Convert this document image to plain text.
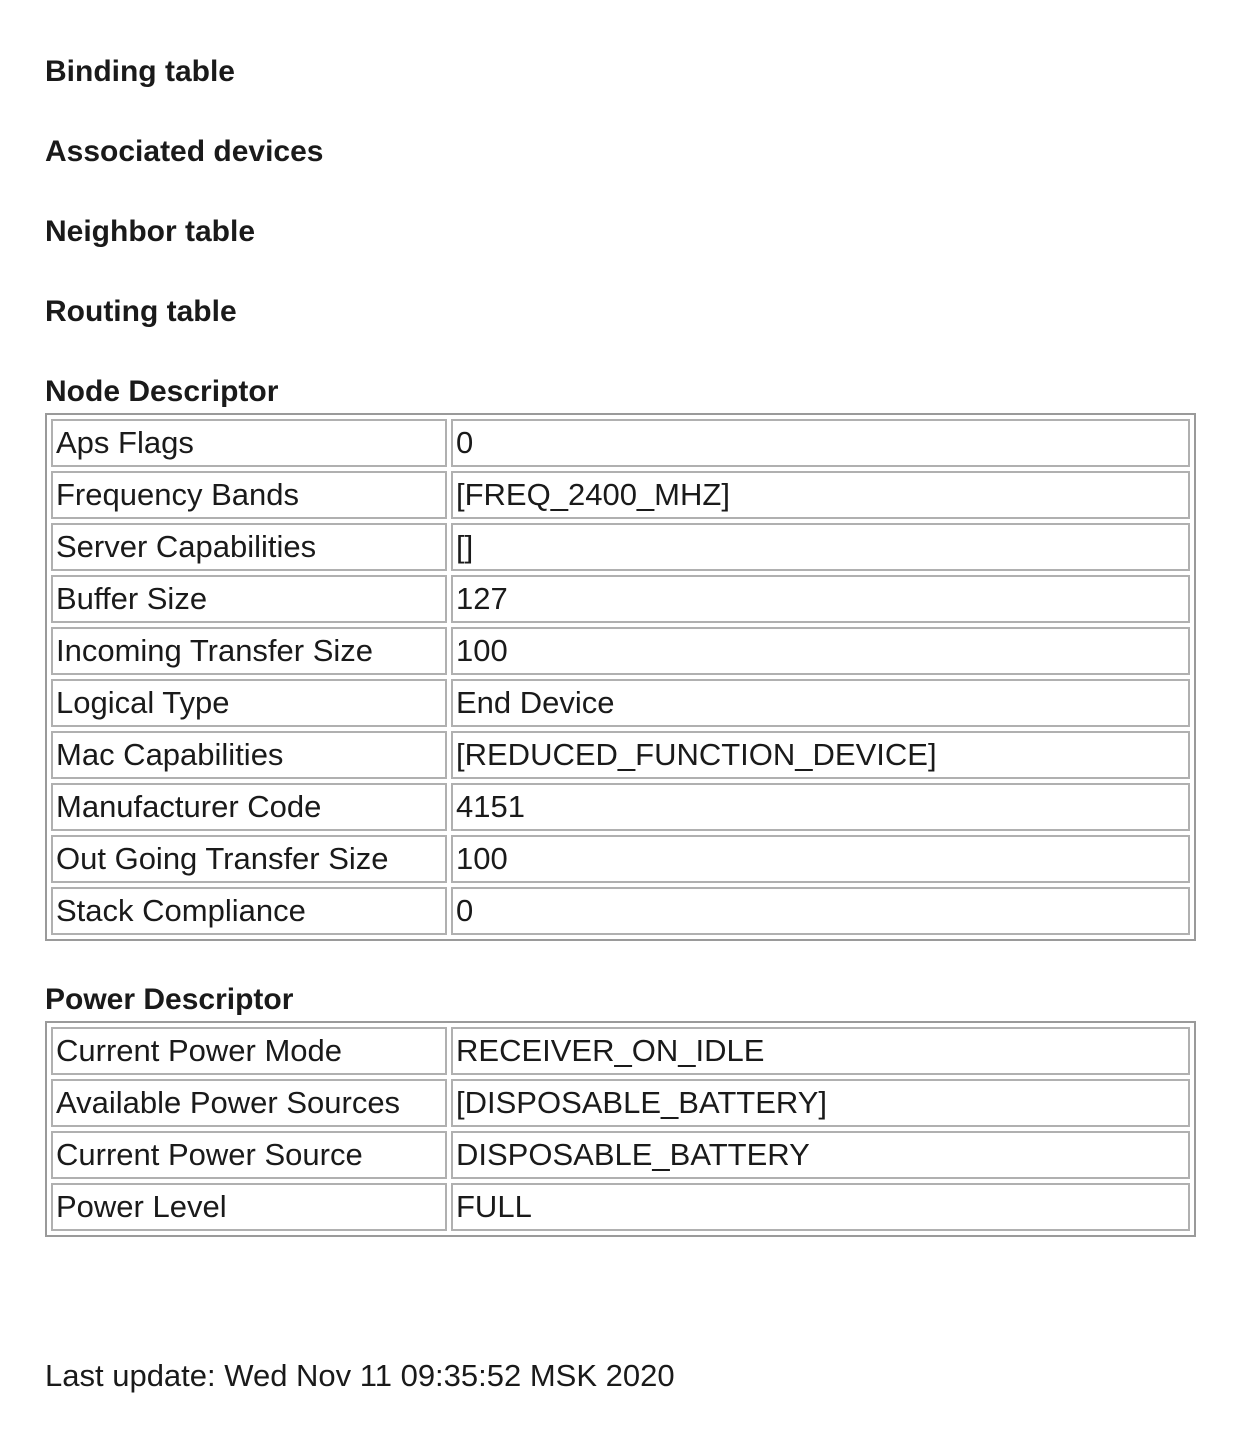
Binding table
Associated devices
Neighbor table
Routing table
Node Descriptor
Aps Flags	0
Frequency Bands	[FREQ_2400_MHZ]
Server Capabilities	[]
Buffer Size	127
Incoming Transfer Size	100
Logical Type	End Device
Mac Capabilities	[REDUCED_FUNCTION_DEVICE]
Manufacturer Code	4151
Out Going Transfer Size	100
Stack Compliance	0
Power Descriptor
Current Power Mode	RECEIVER_ON_IDLE
Available Power Sources	[DISPOSABLE_BATTERY]
Current Power Source	DISPOSABLE_BATTERY
Power Level	FULL
Last update: Wed Nov 11 09:35:52 MSK 2020
